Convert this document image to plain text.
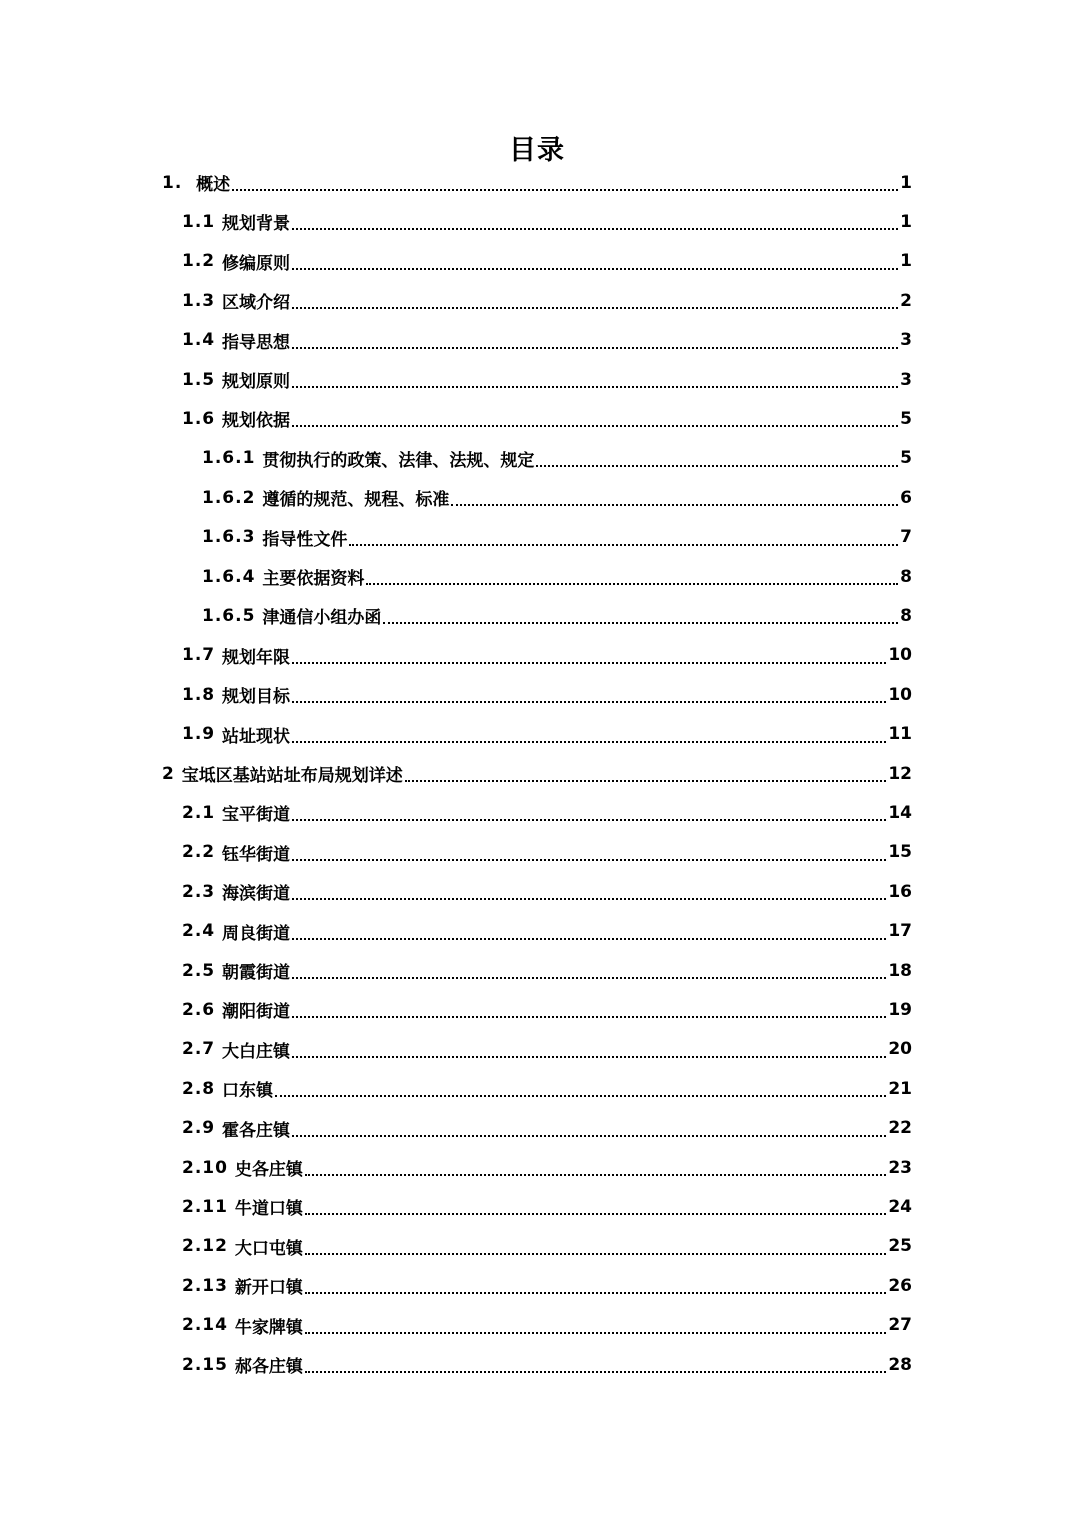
目录
1. 概述	1
1.1 规划背景	1
1.2 修编原则	1
1.3 区域介绍	2
1.4 指导思想	3
1.5 规划原则	3
1.6 规划依据	5
1.6.1 贯彻执行的政策、法律、法规、规定	5
1.6.2 遵循的规范、规程、标准	6
1.6.3 指导性文件	7
1.6.4 主要依据资料	8
1.6.5 津通信小组办函	8
1.7 规划年限	10
1.8 规划目标	10
1.9 站址现状	11
2 宝坻区基站站址布局规划详述	12
2.1 宝平街道	14
2.2 钰华街道	15
2.3 海滨街道	16
2.4 周良街道	17
2.5 朝霞街道	18
2.6 潮阳街道	19
2.7 大白庄镇	20
2.8 口东镇	21
2.9 霍各庄镇	22
2.10 史各庄镇	23
2.11 牛道口镇	24
2.12 大口屯镇	25
2.13 新开口镇	26
2.14 牛家牌镇	27
2.15 郝各庄镇	28
